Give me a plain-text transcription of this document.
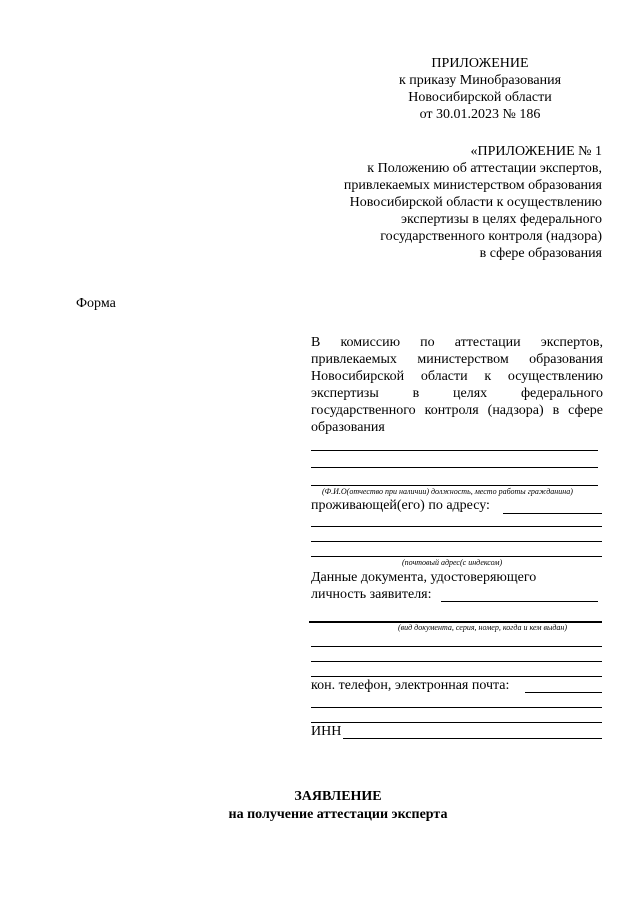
ПРИЛОЖЕНИЕ
к приказу Минобразования
Новосибирской области
от 30.01.2023 № 186
«ПРИЛОЖЕНИЕ № 1
к Положению об аттестации экспертов,
привлекаемых министерством образования
Новосибирской области к осуществлению
экспертизы в целях федерального
государственного контроля (надзора)
в сфере образования
Форма
В комиссию по аттестации экспертов, привлекаемых министерством образования Новосибирской области к осуществлению экспертизы в целях федерального государственного контроля (надзора) в сфере образования
(Ф.И.О(отчество при наличии) должность, место работы гражданина)
проживающей(его) по адресу:
(почтовый адрес(с индексом)
Данные документа, удостоверяющего
личность заявителя:
(вид документа, серия, номер, когда и кем выдан)
кон. телефон, электронная почта:
ИНН
ЗАЯВЛЕНИЕ
на получение аттестации эксперта
